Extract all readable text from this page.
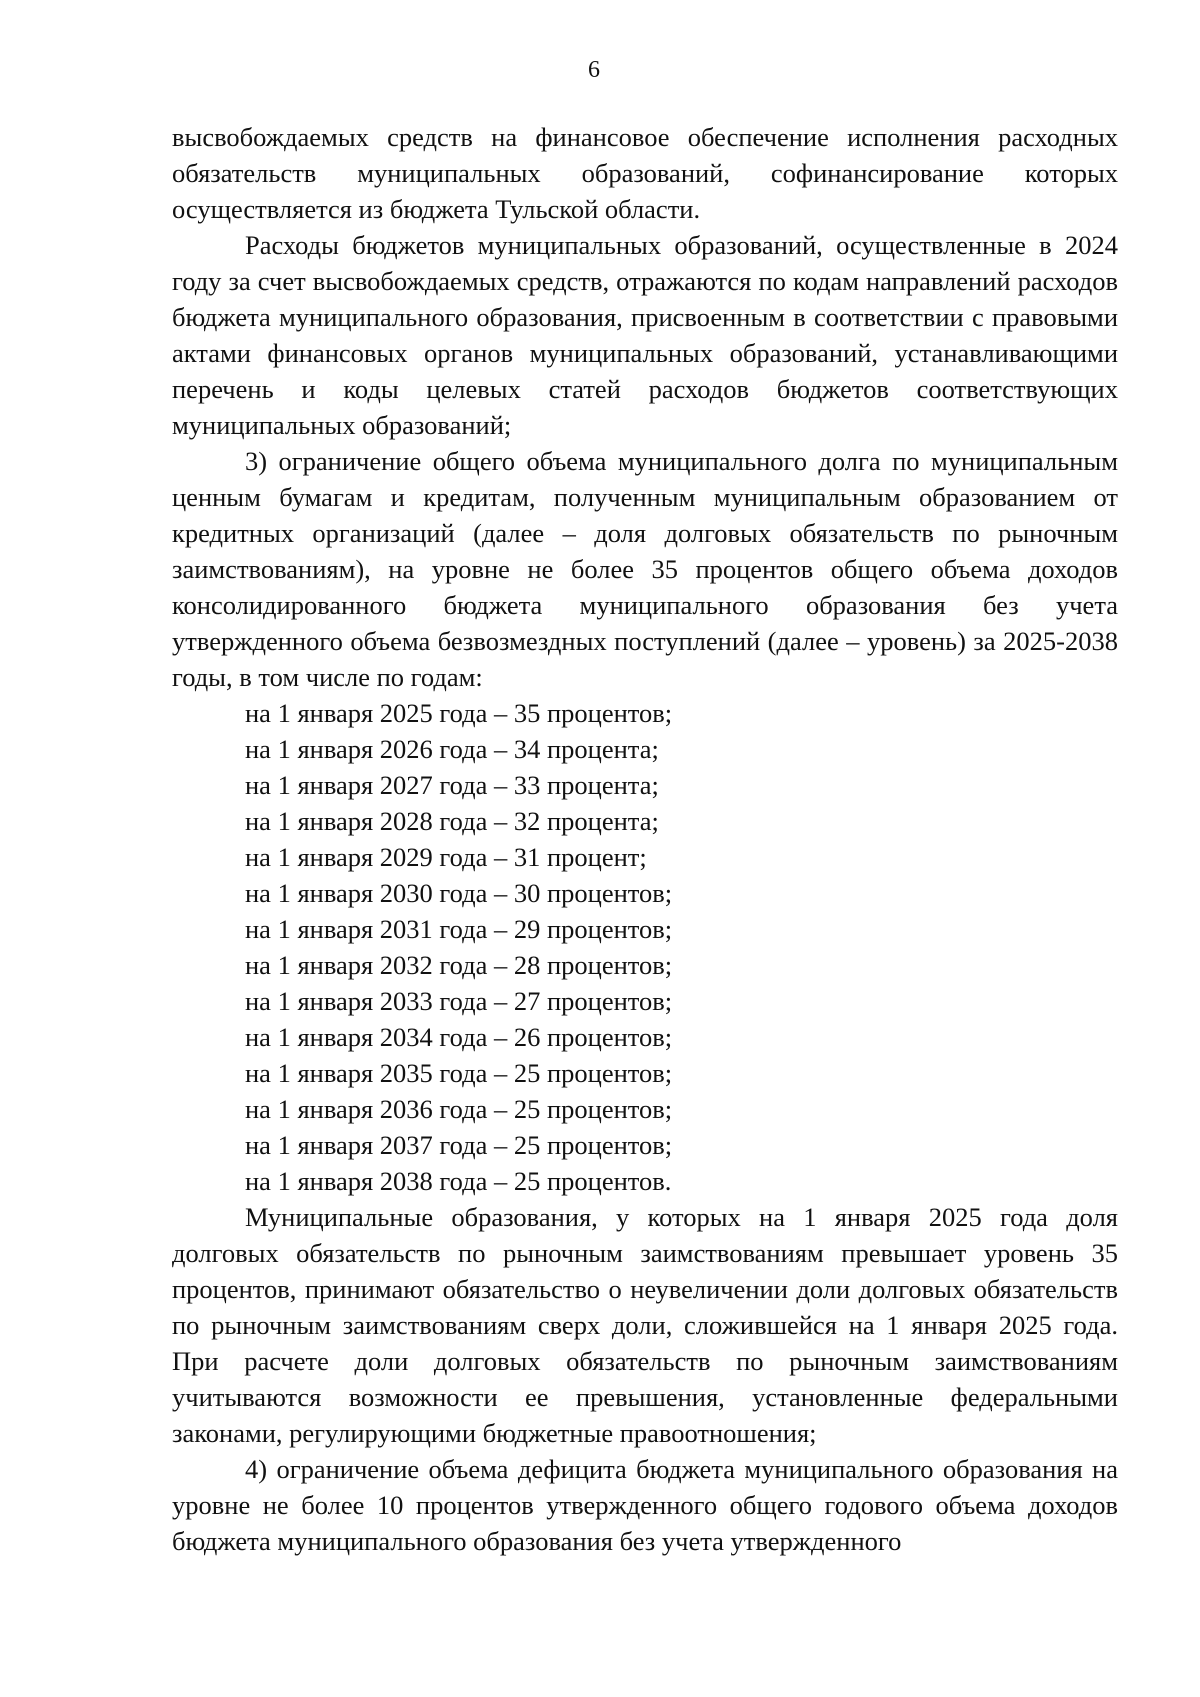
6

высвобождаемых средств на финансовое обеспечение исполнения расходных обязательств муниципальных образований, софинансирование которых осуществляется из бюджета Тульской области.

Расходы бюджетов муниципальных образований, осуществленные в 2024 году за счет высвобождаемых средств, отражаются по кодам направлений расходов бюджета муниципального образования, присвоенным в соответствии с правовыми актами финансовых органов муниципальных образований, устанавливающими перечень и коды целевых статей расходов бюджетов соответствующих муниципальных образований;

3) ограничение общего объема муниципального долга по муниципальным ценным бумагам и кредитам, полученным муниципальным образованием от кредитных организаций (далее – доля долговых обязательств по рыночным заимствованиям), на уровне не более 35 процентов общего объема доходов консолидированного бюджета муниципального образования без учета утвержденного объема безвозмездных поступлений (далее – уровень) за 2025-2038 годы, в том числе по годам:

на 1 января 2025 года – 35 процентов;
на 1 января 2026 года – 34 процента;
на 1 января 2027 года – 33 процента;
на 1 января 2028 года – 32 процента;
на 1 января 2029 года – 31 процент;
на 1 января 2030 года – 30 процентов;
на 1 января 2031 года – 29 процентов;
на 1 января 2032 года – 28 процентов;
на 1 января 2033 года – 27 процентов;
на 1 января 2034 года – 26 процентов;
на 1 января 2035 года – 25 процентов;
на 1 января 2036 года – 25 процентов;
на 1 января 2037 года – 25 процентов;
на 1 января 2038 года – 25 процентов.

Муниципальные образования, у которых на 1 января 2025 года доля долговых обязательств по рыночным заимствованиям превышает уровень 35 процентов, принимают обязательство о неувеличении доли долговых обязательств по рыночным заимствованиям сверх доли, сложившейся на 1 января 2025 года. При расчете доли долговых обязательств по рыночным заимствованиям учитываются возможности ее превышения, установленные федеральными законами, регулирующими бюджетные правоотношения;

4) ограничение объема дефицита бюджета муниципального образования на уровне не более 10 процентов утвержденного общего годового объема доходов бюджета муниципального образования без учета утвержденного
